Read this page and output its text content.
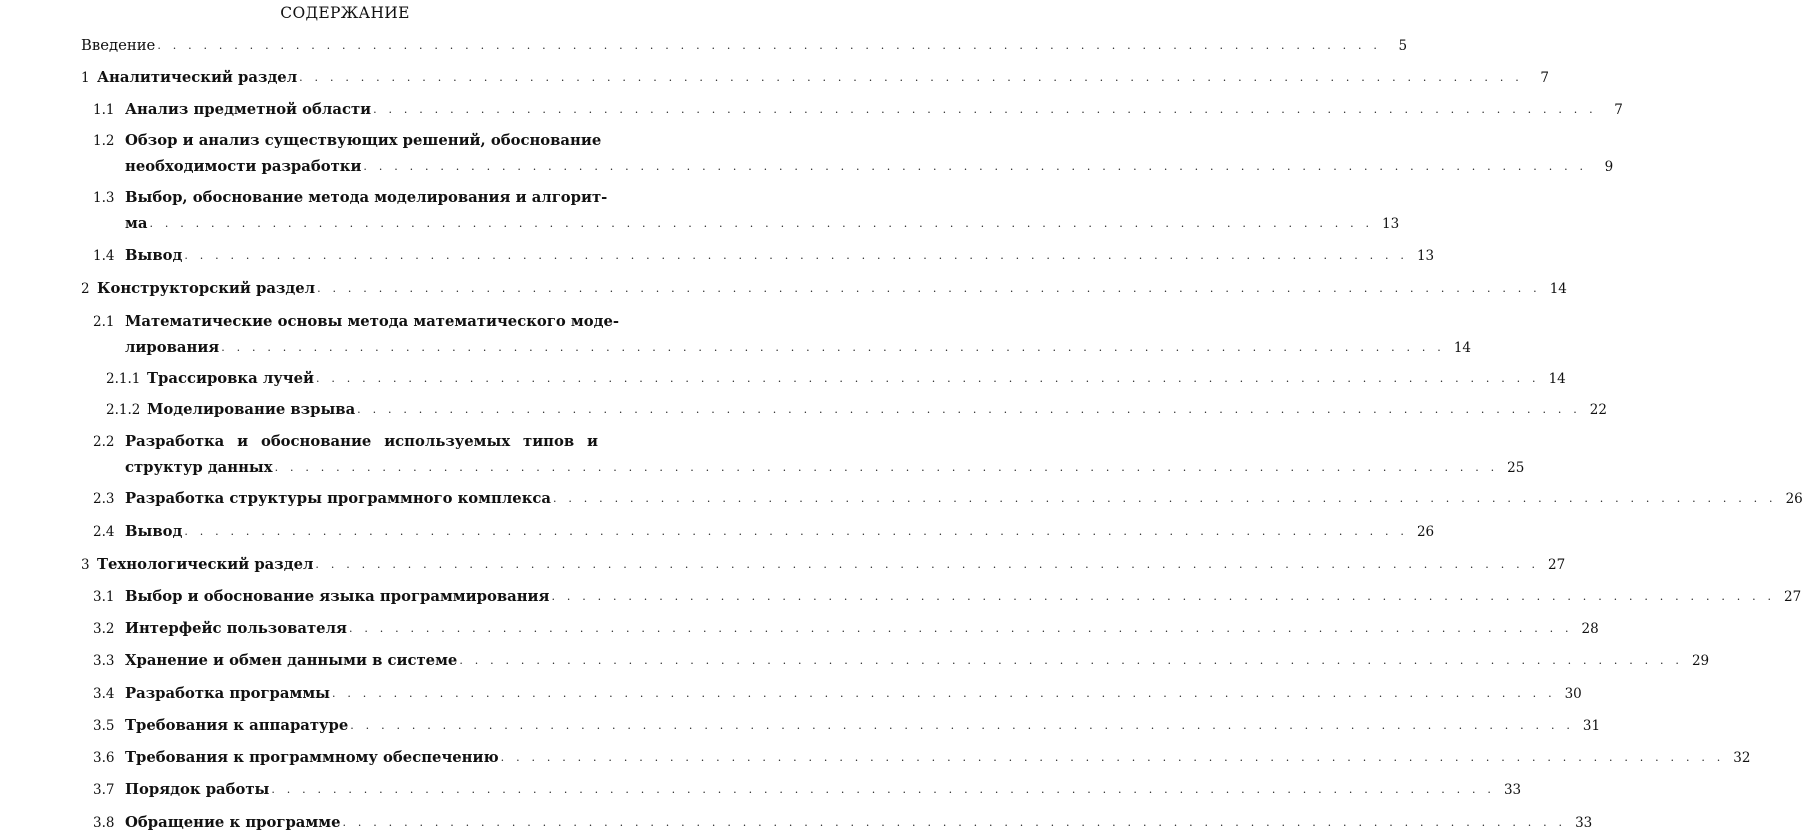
СОДЕРЖАНИЕ
Введение . . . . . . . . . . . . . . . . . . . . . . . . . . . . . . . . . . . . . . . . . . . . . . . . . . . . . . . . . . . . . . . . . . . . . . . . . . . . . . . .	5
1 Аналитический раздел . . . . . . . . . . . . . . . . . . . . . . . . . . . . . . . . . . . . . . . . . . . . . . . . . . . . . . . . . . . . . . . . . . . . . . . . . . . . . . . .	7
1.1 Анализ предметной области . . . . . . . . . . . . . . . . . . . . . . . . . . . . . . . . . . . . . . . . . . . . . . . . . . . . . . . . . . . . . . . . . . . . . . . . . . . . . . . .	7
1.2 Обзор и анализ существующих решений, обоснование
необходимости разработки . . . . . . . . . . . . . . . . . . . . . . . . . . . . . . . . . . . . . . . . . . . . . . . . . . . . . . . . . . . . . . . . . . . . . . . . . . . . . . . .	9
1.3 Выбор, обоснование метода моделирования и алгорит-
ма . . . . . . . . . . . . . . . . . . . . . . . . . . . . . . . . . . . . . . . . . . . . . . . . . . . . . . . . . . . . . . . . . . . . . . . . . . . . . . . . 13
1.4 Вывод . . . . . . . . . . . . . . . . . . . . . . . . . . . . . . . . . . . . . . . . . . . . . . . . . . . . . . . . . . . . . . . . . . . . . . . . . . . . . . . . 13
2 Конструкторский раздел . . . . . . . . . . . . . . . . . . . . . . . . . . . . . . . . . . . . . . . . . . . . . . . . . . . . . . . . . . . . . . . . . . . . . . . . . . . . . . . . 14
2.1 Математические основы метода математического моде-
лирования . . . . . . . . . . . . . . . . . . . . . . . . . . . . . . . . . . . . . . . . . . . . . . . . . . . . . . . . . . . . . . . . . . . . . . . . . . . . . . . . 14
2.1.1 Трассировка лучей . . . . . . . . . . . . . . . . . . . . . . . . . . . . . . . . . . . . . . . . . . . . . . . . . . . . . . . . . . . . . . . . . . . . . . . . . . . . . . . . 14
2.1.2 Моделирование взрыва . . . . . . . . . . . . . . . . . . . . . . . . . . . . . . . . . . . . . . . . . . . . . . . . . . . . . . . . . . . . . . . . . . . . . . . . . . . . . . . . 22
2.2 Разработка и обоснование используемых типов и
структур данных . . . . . . . . . . . . . . . . . . . . . . . . . . . . . . . . . . . . . . . . . . . . . . . . . . . . . . . . . . . . . . . . . . . . . . . . . . . . . . . . 25
2.3 Разработка структуры программного комплекса . . . . . . . . . . . . . . . . . . . . . . . . . . . . . . . . . . . . . . . . . . . . . . . . . . . . . . . . . . . . . . . . . . . . . . . . . . . . . . . . 26
2.4 Вывод . . . . . . . . . . . . . . . . . . . . . . . . . . . . . . . . . . . . . . . . . . . . . . . . . . . . . . . . . . . . . . . . . . . . . . . . . . . . . . . . 26
3 Технологический раздел . . . . . . . . . . . . . . . . . . . . . . . . . . . . . . . . . . . . . . . . . . . . . . . . . . . . . . . . . . . . . . . . . . . . . . . . . . . . . . . . 27
3.1 Выбор и обоснование языка программирования . . . . . . . . . . . . . . . . . . . . . . . . . . . . . . . . . . . . . . . . . . . . . . . . . . . . . . . . . . . . . . . . . . . . . . . . . . . . . . . . 27
3.2 Интерфейс пользователя . . . . . . . . . . . . . . . . . . . . . . . . . . . . . . . . . . . . . . . . . . . . . . . . . . . . . . . . . . . . . . . . . . . . . . . . . . . . . . . . 28
3.3 Хранение и обмен данными в системе . . . . . . . . . . . . . . . . . . . . . . . . . . . . . . . . . . . . . . . . . . . . . . . . . . . . . . . . . . . . . . . . . . . . . . . . . . . . . . . . 29
3.4 Разработка программы . . . . . . . . . . . . . . . . . . . . . . . . . . . . . . . . . . . . . . . . . . . . . . . . . . . . . . . . . . . . . . . . . . . . . . . . . . . . . . . . 30
3.5 Требования к аппаратуре . . . . . . . . . . . . . . . . . . . . . . . . . . . . . . . . . . . . . . . . . . . . . . . . . . . . . . . . . . . . . . . . . . . . . . . . . . . . . . . . 31
3.6 Требования к программному обеспечению . . . . . . . . . . . . . . . . . . . . . . . . . . . . . . . . . . . . . . . . . . . . . . . . . . . . . . . . . . . . . . . . . . . . . . . . . . . . . . . . 32
3.7 Порядок работы . . . . . . . . . . . . . . . . . . . . . . . . . . . . . . . . . . . . . . . . . . . . . . . . . . . . . . . . . . . . . . . . . . . . . . . . . . . . . . . . 33
3.8 Обращение к программе . . . . . . . . . . . . . . . . . . . . . . . . . . . . . . . . . . . . . . . . . . . . . . . . . . . . . . . . . . . . . . . . . . . . . . . . . . . . . . . . 33
